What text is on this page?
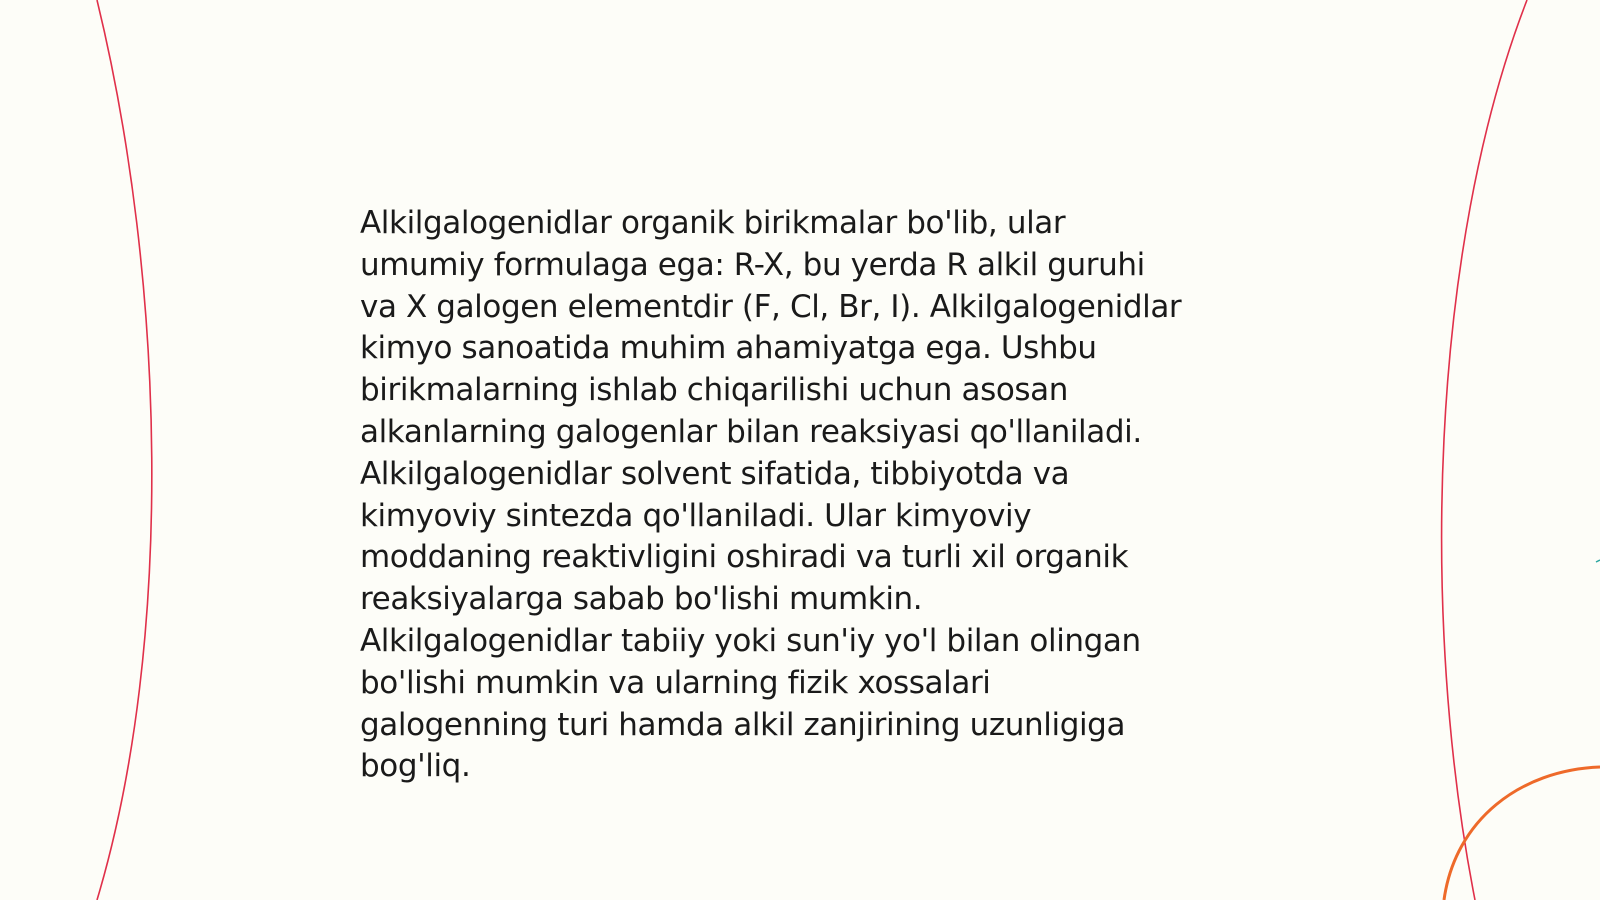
Alkilgalogenidlar organik birikmalar bo'lib, ular
umumiy formulaga ega: R-X, bu yerda R alkil guruhi
va X galogen elementdir (F, Cl, Br, I). Alkilgalogenidlar
kimyo sanoatida muhim ahamiyatga ega. Ushbu
birikmalarning ishlab chiqarilishi uchun asosan
alkanlarning galogenlar bilan reaksiyasi qo'llaniladi.
Alkilgalogenidlar solvent sifatida, tibbiyotda va
kimyoviy sintezda qo'llaniladi. Ular kimyoviy
moddaning reaktivligini oshiradi va turli xil organik
reaksiyalarga sabab bo'lishi mumkin.
Alkilgalogenidlar tabiiy yoki sun'iy yo'l bilan olingan
bo'lishi mumkin va ularning fizik xossalari
galogenning turi hamda alkil zanjirining uzunligiga
bog'liq.
